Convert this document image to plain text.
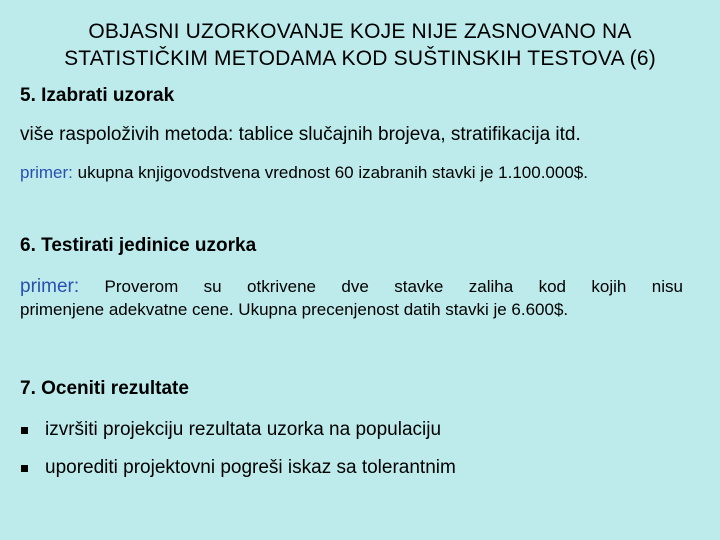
OBJASNI UZORKOVANJE KOJE NIJE ZASNOVANO NA
STATISTIČKIM METODAMA KOD SUŠTINSKIH TESTOVA (6)
5. Izabrati uzorak
više raspoloživih metoda: tablice slučajnih brojeva, stratifikacija itd.
primer: ukupna knjigovodstvena vrednost 60 izabranih stavki je 1.100.000$.
6. Testirati jedinice uzorka
primer: Proverom su otkrivene dve stavke zaliha kod kojih nisu
primenjene adekvatne cene. Ukupna precenjenost datih stavki je 6.600$.
7. Oceniti rezultate
izvršiti projekciju rezultata uzorka na populaciju
uporediti projektovni pogreši iskaz sa tolerantnim
